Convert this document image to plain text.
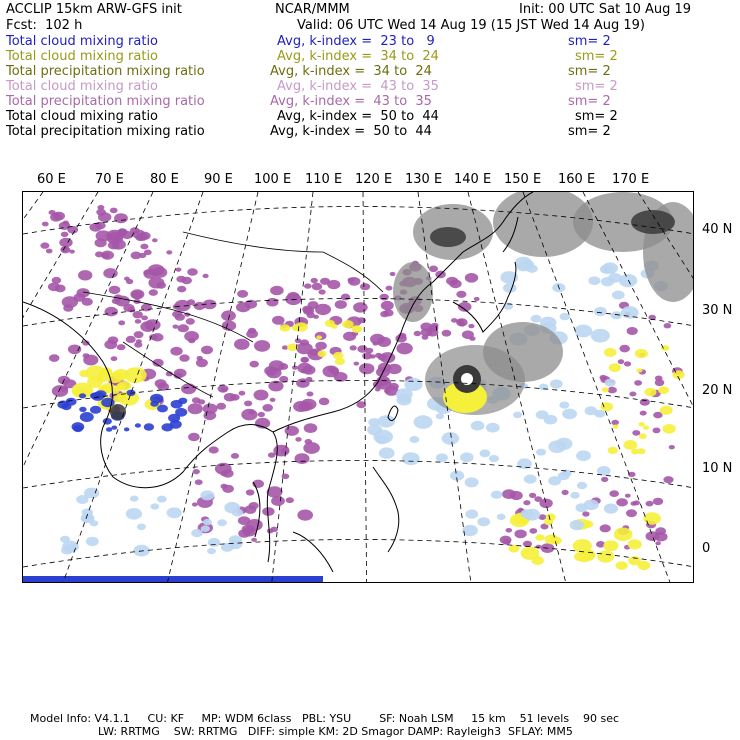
ACCLIP 15km ARW-GFS init	NCAR/MMM	Init: 00 UTC Sat 10 Aug 19
Fcst:  102 h	Valid: 06 UTC Wed 14 Aug 19 (15 JST Wed 14 Aug 19)
Total cloud mixing ratio	Avg, k-index =  23 to   9	sm= 2
Total cloud mixing ratio	Avg, k-index =  34 to  24	sm= 2
Total precipitation mixing ratio	Avg, k-index =  34 to  24	sm= 2
Total cloud mixing ratio	Avg, k-index =  43 to  35	sm= 2
Total precipitation mixing ratio	Avg, k-index =  43 to  35	sm= 2
Total cloud mixing ratio	Avg, k-index =  50 to  44	sm= 2
Total precipitation mixing ratio	Avg, k-index =  50 to  44	sm= 2
60 E 70 E 80 E 90 E 100 E 110 E 120 E 130 E 140 E 150 E 160 E 170 E
40 N
30 N
20 N
10 N
0
Model Info: V4.1.1     CU: KF     MP: WDM 6class   PBL: YSU        SF: Noah LSM     15 km    51 levels    90 sec
LW: RRTMG    SW: RRTMG   DIFF: simple KM: 2D Smagor DAMP: Rayleigh3  SFLAY: MM5
